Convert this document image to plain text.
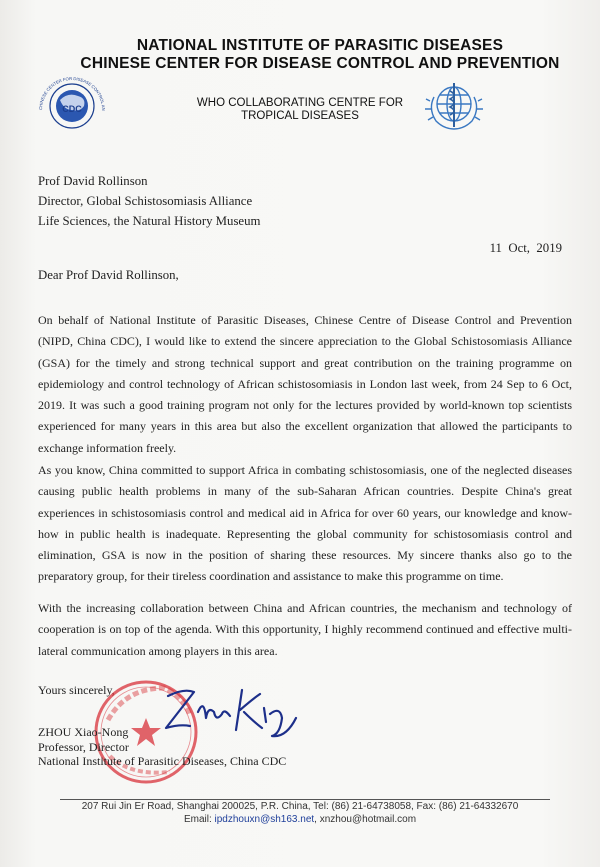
NATIONAL INSTITUTE OF PARASITIC DISEASES
CHINESE CENTER FOR DISEASE CONTROL AND PREVENTION
CDC
CHINESE CENTER FOR DISEASE CONTROL AN
WHO COLLABORATING CENTRE FOR
TROPICAL DISEASES
Prof David Rollinson
Director, Global Schistosomiasis Alliance
Life Sciences, the Natural History Museum
11  Oct,  2019
Dear Prof David Rollinson,

On behalf of National Institute of Parasitic Diseases, Chinese Centre of Disease Control and Prevention (NIPD, China CDC), I would like to extend the sincere appreciation to the Global Schistosomiasis Alliance (GSA) for the timely and strong technical support and great contribution on the training programme on epidemiology and control technology of African schistosomiasis in London last week, from 24 Sep to 6 Oct, 2019. It was such a good training program not only for the lectures provided by world-known top scientists experienced for many years in this area but also the excellent organization that allowed the participants to exchange information freely.

As you know, China committed to support Africa in combating schistosomiasis, one of the neglected diseases causing public health problems in many of the sub-Saharan African countries. Despite China's great experiences in schistosomiasis control and medical aid in Africa for over 60 years, our knowledge and know-how in public health is inadequate. Representing the global community for schistosomiasis control and elimination, GSA is now in the position of sharing these resources. My sincere thanks also go to the preparatory group, for their tireless coordination and assistance to make this programme on time.

With the increasing collaboration between China and African countries, the mechanism and technology of cooperation is on top of the agenda. With this opportunity, I highly recommend continued and effective multi-lateral communication among players in this area.

Yours sincerely,
ZHOU Xiao-Nong
Professor, Director
National Institute of Parasitic Diseases, China CDC
207 Rui Jin Er Road, Shanghai 200025, P.R. China, Tel: (86) 21-64738058, Fax: (86) 21-64332670
Email: ipdzhouxn@sh163.net, xnzhou@hotmail.com
